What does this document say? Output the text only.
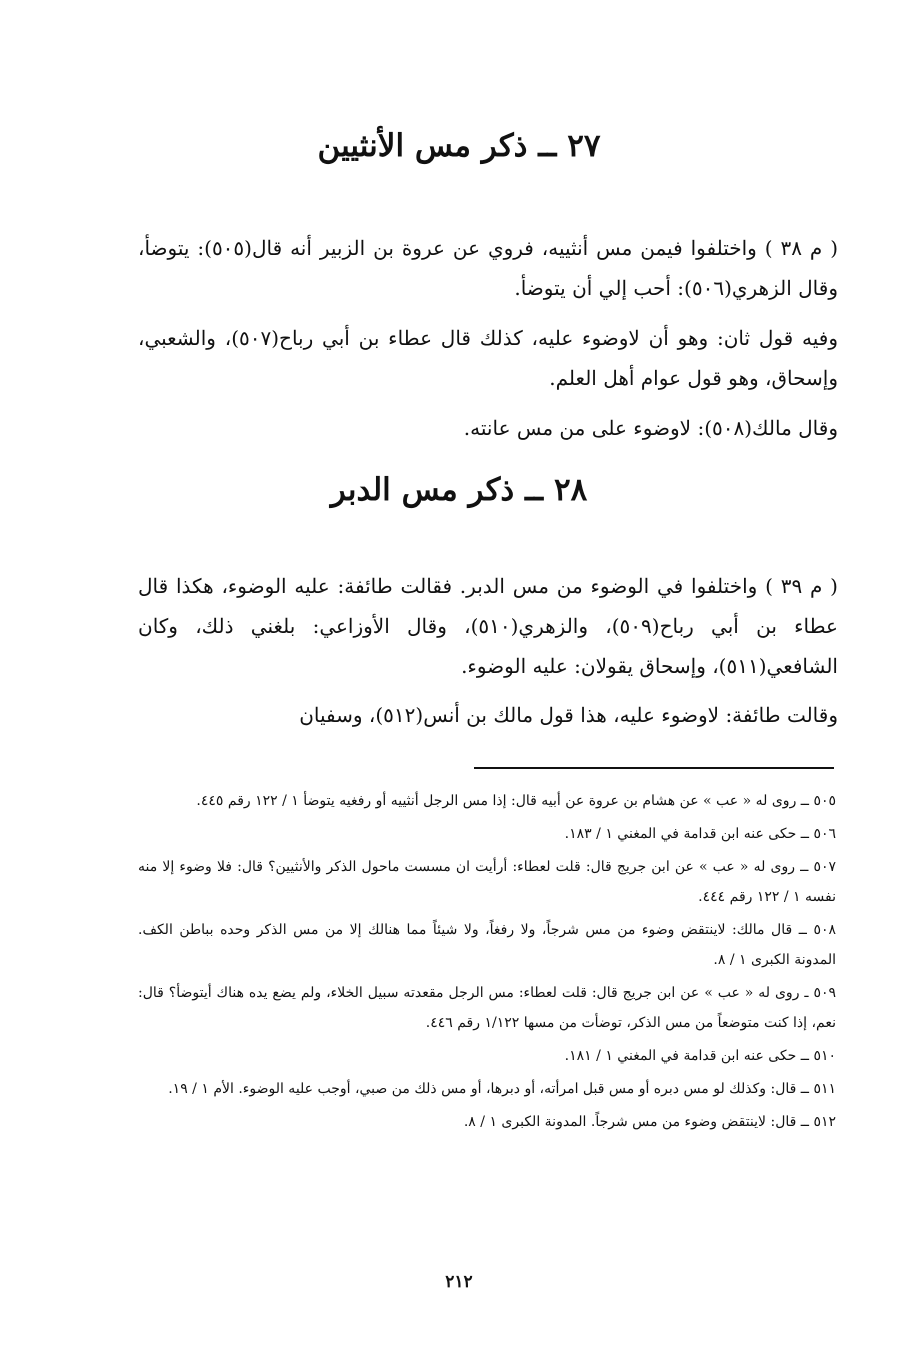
٢٧ ــ ذكر مس الأنثيين
( م ٣٨ ) واختلفوا فيمن مس أنثييه، فروي عن عروة بن الزبير أنه قال(٥٠٥): يتوضأ، وقال الزهري(٥٠٦): أحب إلي أن يتوضأ.
وفيه قول ثان: وهو أن لاوضوء عليه، كذلك قال عطاء بن أبي رباح(٥٠٧)، والشعبي، وإسحاق، وهو قول عوام أهل العلم.
وقال مالك(٥٠٨): لاوضوء على من مس عانته.
٢٨ ــ ذكر مس الدبر
( م ٣٩ ) واختلفوا في الوضوء من مس الدبر. فقالت طائفة: عليه الوضوء، هكذا قال عطاء بن أبي رباح(٥٠٩)، والزهري(٥١٠)، وقال الأوزاعي: بلغني ذلك، وكان الشافعي(٥١١)، وإسحاق يقولان: عليه الوضوء.
وقالت طائفة: لاوضوء عليه، هذا قول مالك بن أنس(٥١٢)، وسفيان

٥٠٥ ــ روى له « عب » عن هشام بن عروة عن أبيه قال: إذا مس الرجل أنثييه أو رفغيه يتوضأ ١ / ١٢٢ رقم ٤٤٥.

٥٠٦ ــ حكى عنه ابن قدامة في المغني ١ / ١٨٣.

٥٠٧ ــ روى له « عب » عن ابن جريج قال: قلت لعطاء: أرأيت ان مسست ماحول الذكر والأنثيين؟ قال: فلا وضوء إلا منه نفسه ١ / ١٢٢ رقم ٤٤٤.

٥٠٨ ــ قال مالك: لاينتقض وضوء من مس شرجاً، ولا رفغاً، ولا شيئاً مما هنالك إلا من مس الذكر وحده بباطن الكف. المدونة الكبرى ١ / ٨.

٥٠٩ ـ روى له « عب » عن ابن جريج قال: قلت لعطاء: مس الرجل مقعدته سبيل الخلاء، ولم يضع يده هناك أيتوضأ؟ قال: نعم، إذا كنت متوضعاً من مس الذكر، توضأت من مسها ١/١٢٢ رقم ٤٤٦.

٥١٠ ــ حكى عنه ابن قدامة في المغني ١ / ١٨١.

٥١١ ــ قال: وكذلك لو مس دبره أو مس قبل امرأته، أو دبرها، أو مس ذلك من صبي، أوجب عليه الوضوء. الأم ١ / ١٩.

٥١٢ ــ قال: لاينتقض وضوء من مس شرجاً. المدونة الكبرى ١ / ٨.

٢١٢
